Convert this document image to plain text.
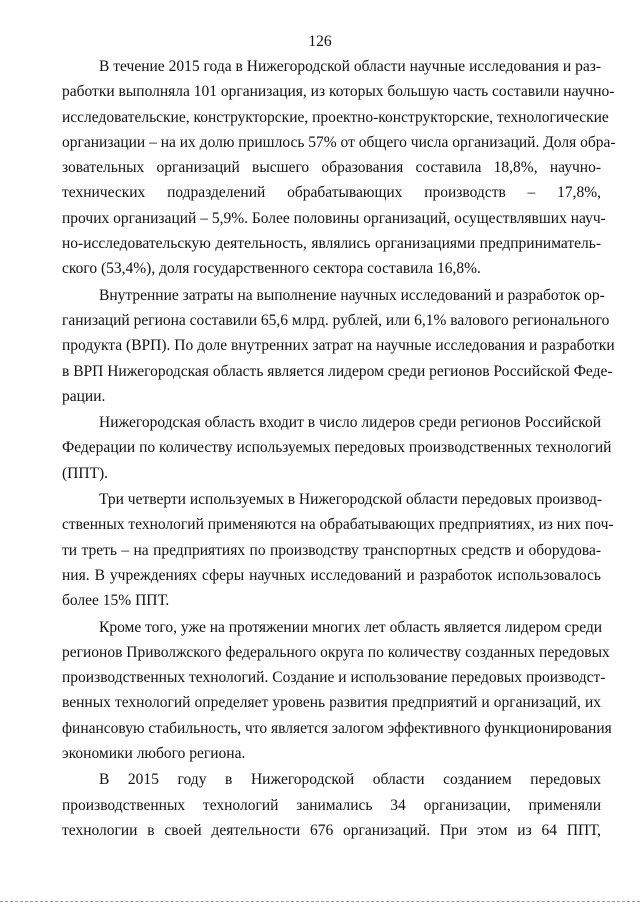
126

В течение 2015 года в Нижегородской области научные исследования и раз-
работки выполняла 101 организация, из которых большую часть составили научно-
исследовательские, конструкторские, проектно-конструкторские, технологические
организации – на их долю пришлось 57% от общего числа организаций. Доля обра-
зовательных организаций высшего образования составила 18,8%, научно-
технических подразделений обрабатывающих производств – 17,8%,
прочих организаций – 5,9%. Более половины организаций, осуществлявших науч-
но-исследовательскую деятельность, являлись организациями предприниматель-
ского (53,4%), доля государственного сектора составила 16,8%.

Внутренние затраты на выполнение научных исследований и разработок ор-
ганизаций региона составили 65,6 млрд. рублей, или 6,1% валового регионального
продукта (ВРП). По доле внутренних затрат на научные исследования и разработки
в ВРП Нижегородская область является лидером среди регионов Российской Феде-
рации.

Нижегородская область входит в число лидеров среди регионов Российской
Федерации по количеству используемых передовых производственных технологий
(ППТ).

Три четверти используемых в Нижегородской области передовых производ-
ственных технологий применяются на обрабатывающих предприятиях, из них поч-
ти треть – на предприятиях по производству транспортных средств и оборудова-
ния. В учреждениях сферы научных исследований и разработок использовалось
более 15% ППТ.

Кроме того, уже на протяжении многих лет область является лидером среди
регионов Приволжского федерального округа по количеству созданных передовых
производственных технологий. Создание и использование передовых производст-
венных технологий определяет уровень развития предприятий и организаций, их
финансовую стабильность, что является залогом эффективного функционирования
экономики любого региона.

В 2015 году в Нижегородской области созданием передовых
производственных технологий занимались 34 организации, применяли
технологии в своей деятельности 676 организаций. При этом из 64 ППТ,
